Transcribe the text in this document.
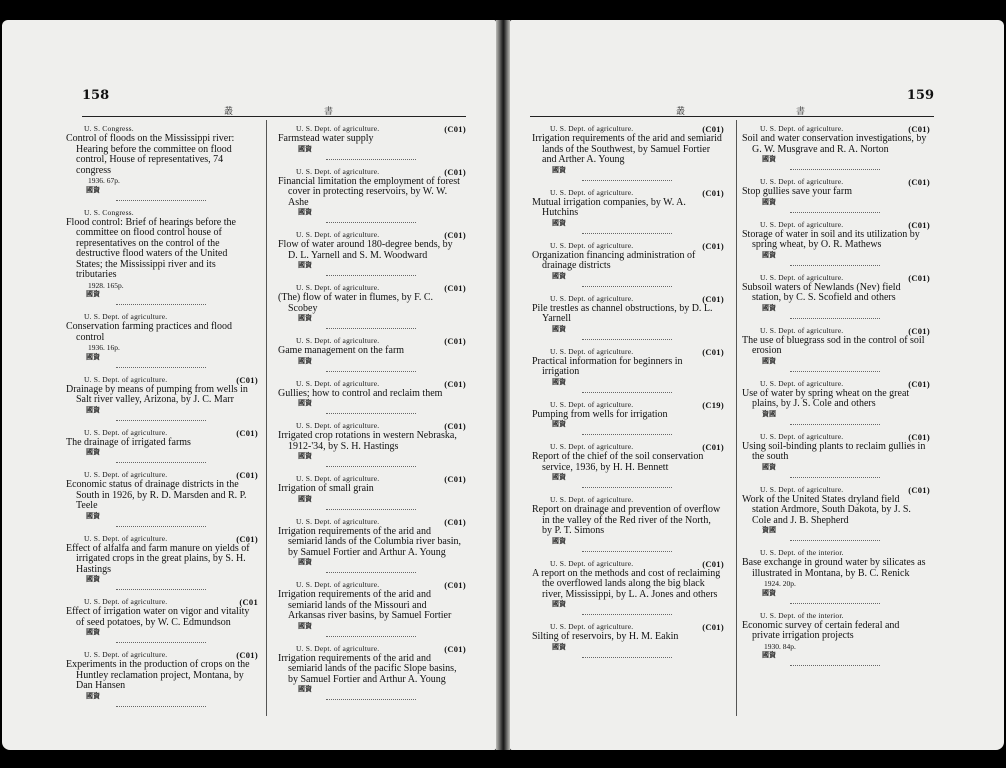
158
叢	書
U. S. Congress.
Control of floods on the Mississippi river: Hearing before the committee on flood control, House of representatives, 74 congress
1936. 67p.
國資
U. S. Congress.
Flood control: Brief of hearings before the committee on flood control house of representatives on the control of the destructive flood waters of the United States; the Mississippi river and its tributaries
1928. 165p.
國資
U. S. Dept. of agriculture.
Conservation farming practices and flood control
1936. 16p.
國資
U. S. Dept. of agriculture.	(C01)
Drainage by means of pumping from wells in Salt river valley, Arizona, by J. C. Marr
國資
U. S. Dept. of agriculture.	(C01)
The drainage of irrigated farms
國資
U. S. Dept. of agriculture.	(C01)
Economic status of drainage districts in the South in 1926, by R. D. Marsden and R. P. Teele
國資
U. S. Dept. of agriculture.	(C01)
Effect of alfalfa and farm manure on yields of irrigated crops in the great plains, by S. H. Hastings
國資
U. S. Dept. of agriculture.	(C01
Effect of irrigation water on vigor and vitality of seed potatoes, by W. C. Edmundson
國資
U. S. Dept. of agriculture.	(C01)
Experiments in the production of crops on the Huntley reclamation project, Montana, by Dan Hansen
國資
U. S. Dept. of agriculture.	(C01)
Farmstead water supply
國資
U. S. Dept. of agriculture.	(C01)
Financial limitation the employment of forest cover in protecting reservoirs, by W. W. Ashe
國資
U. S. Dept. of agriculture.	(C01)
Flow of water around 180-degree bends, by D. L. Yarnell and S. M. Woodward
國資
U. S. Dept. of agriculture.	(C01)
(The) flow of water in flumes, by F. C. Scobey
國資
U. S. Dept. of agriculture.	(C01)
Game management on the farm
國資
U. S. Dept. of agriculture.	(C01)
Gullies; how to control and reclaim them
國資
U. S. Dept. of agriculture.	(C01)
Irrigated crop rotations in western Nebraska, 1912-'34, by S. H. Hastings
國資
U. S. Dept. of agriculture.	(C01)
Irrigation of small grain
國資
U. S. Dept. of agriculture.	(C01)
Irrigation requirements of the arid and semiarid lands of the Columbia river basin, by Samuel Fortier and Arthur A. Young
國資
U. S. Dept. of agriculture.	(C01)
Irrigation requirements of the arid and semiarid lands of the Missouri and Arkansas river basins, by Samuel Fortier
國資
U. S. Dept. of agriculture.	(C01)
Irrigation requirements of the arid and semiarid lands of the pacific Slope basins, by Samuel Fortier and Arthur A. Young
國資
叢	書
159
U. S. Dept. of agriculture.	(C01)
Irrigation requirements of the arid and semiarid lands of the Southwest, by Samuel Fortier and Arther A. Young
國資
U. S. Dept. of agriculture.	(C01)
Mutual irrigation companies, by W. A. Hutchins
國資
U. S. Dept. of agriculture.	(C01)
Organization financing administration of drainage districts
國資
U. S. Dept. of agriculture.	(C01)
Pile trestles as channel obstructions, by D. L. Yarnell
國資
U. S. Dept. of agriculture.	(C01)
Practical information for beginners in irrigation
國資
U. S. Dept. of agriculture.	(C19)
Pumping from wells for irrigation
國資
U. S. Dept. of agriculture.	(C01)
Report of the chief of the soil conservation service, 1936, by H. H. Bennett
國資
U. S. Dept. of agriculture.
Report on drainage and prevention of overflow in the valley of the Red river of the North, by P. T. Simons
國資
U. S. Dept. of agriculture.	(C01)
A report on the methods and cost of reclaiming the overflowed lands along the big black river, Mississippi, by L. A. Jones and others
國資
U. S. Dept. of agriculture.	(C01)
Silting of reservoirs, by H. M. Eakin
國資
U. S. Dept. of agriculture.	(C01)
Soil and water conservation investigations, by G. W. Musgrave and R. A. Norton
國資
U. S. Dept. of agriculture.	(C01)
Stop gullies save your farm
國資
U. S. Dept. of agriculture.	(C01)
Storage of water in soil and its utilization by spring wheat, by O. R. Mathews
國資
U. S. Dept. of agriculture.	(C01)
Subsoil waters of Newlands (Nev) field station, by C. S. Scofield and others
國資
U. S. Dept. of agriculture.	(C01)
The use of bluegrass sod in the control of soil erosion
國資
U. S. Dept. of agriculture.	(C01)
Use of water by spring wheat on the great plains, by J. S. Cole and others
資國
U. S. Dept. of agriculture.	(C01)
Using soil-binding plants to reclaim gullies in the south
國資
U. S. Dept. of agriculture.	(C01)
Work of the United States dryland field station Ardmore, South Dakota, by J. S. Cole and J. B. Shepherd
資國
U. S. Dept. of the interior.
Base exchange in ground water by silicates as illustrated in Montana, by B. C. Renick
1924. 20p.
國資
U. S. Dept. of the interior.
Economic survey of certain federal and private irrigation projects
1930. 84p.
國資
